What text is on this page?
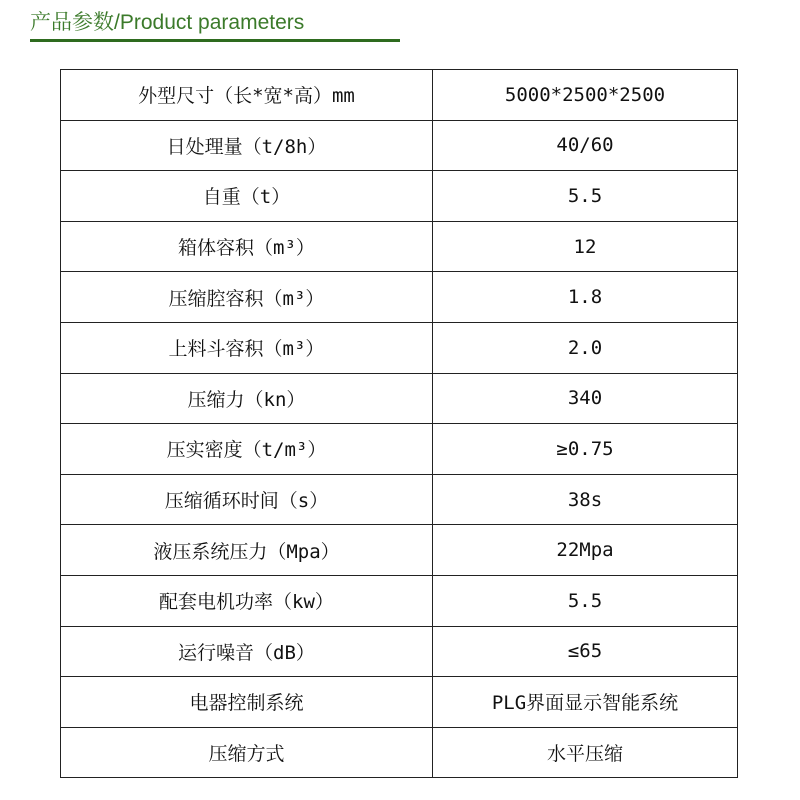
产品参数/Product parameters
外型尺寸（长*宽*高）mm	5000*2500*2500
日处理量（t/8h）	40/60
自重（t）	5.5
箱体容积（m³）	12
压缩腔容积（m³）	1.8
上料斗容积（m³）	2.0
压缩力（kn）	340
压实密度（t/m³）	≥0.75
压缩循环时间（s）	38s
液压系统压力（Mpa）	22Mpa
配套电机功率（kw）	5.5
运行噪音（dB）	≤65
电器控制系统	PLG界面显示智能系统
压缩方式	水平压缩
